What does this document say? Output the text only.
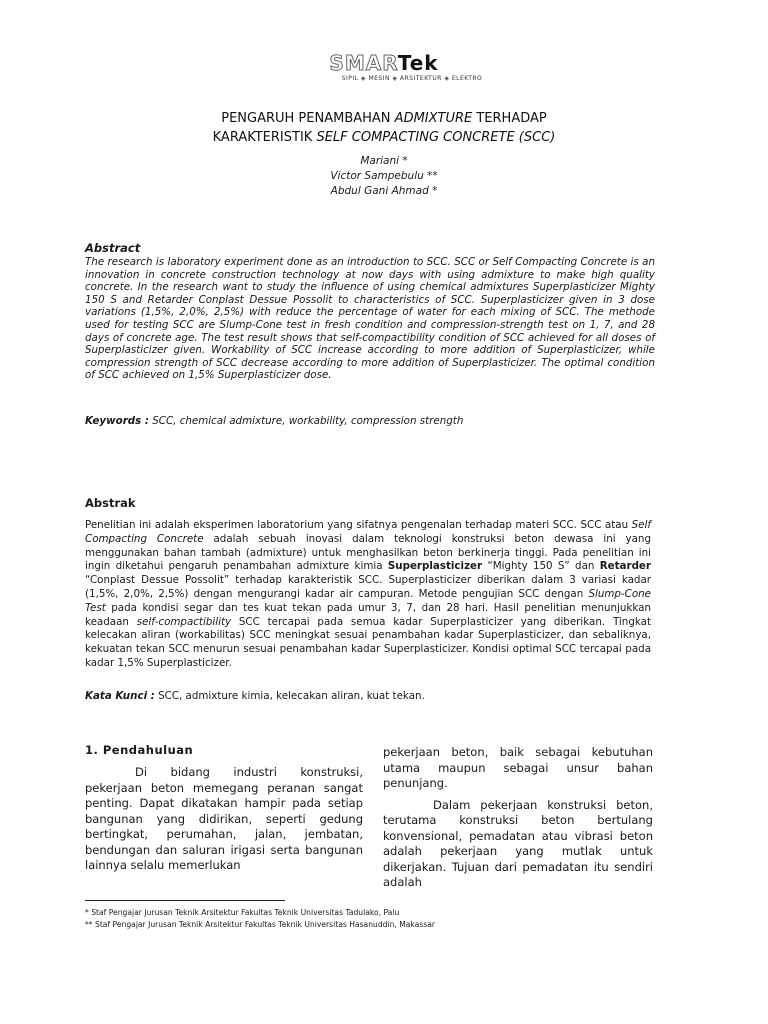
SMARTek
SIPIL ◈ MESIN ◈ ARSITEKTUR ◈ ELEKTRO
PENGARUH PENAMBAHAN ADMIXTURE TERHADAP
KARAKTERISTIK SELF COMPACTING CONCRETE (SCC)
Mariani *
Victor Sampebulu **
Abdul Gani Ahmad *
Abstract
The research is laboratory experiment done as an introduction to SCC. SCC or Self Compacting Concrete is an innovation in concrete construction technology at now days with using admixture to make high quality concrete. In the research want to study the influence of using chemical admixtures Superplasticizer Mighty 150 S and Retarder Conplast Dessue Possolit to characteristics of SCC. Superplasticizer given in 3 dose variations (1,5%, 2,0%, 2,5%) with reduce the percentage of water for each mixing of SCC. The methode used for testing SCC are Slump-Cone test in fresh condition and compression-strength test on 1, 7, and 28 days of concrete age. The test result shows that self-compactibility condition of SCC achieved for all doses of Superplasticizer given. Workability of SCC increase according to more addition of Superplasticizer, while compression strength of SCC decrease according to more addition of Superplasticizer. The optimal condition of SCC achieved on 1,5% Superplasticizer dose.
Keywords : SCC, chemical admixture, workability, compression strength
Abstrak
Penelitian ini adalah eksperimen laboratorium yang sifatnya pengenalan terhadap materi SCC. SCC atau Self Compacting Concrete adalah sebuah inovasi dalam teknologi konstruksi beton dewasa ini yang menggunakan bahan tambah (admixture) untuk menghasilkan beton berkinerja tinggi. Pada penelitian ini ingin diketahui pengaruh penambahan admixture kimia Superplasticizer “Mighty 150 S” dan Retarder “Conplast Dessue Possolit” terhadap karakteristik SCC. Superplasticizer diberikan dalam 3 variasi kadar (1,5%, 2,0%, 2,5%) dengan mengurangi kadar air campuran. Metode pengujian SCC dengan Slump-Cone Test pada kondisi segar dan tes kuat tekan pada umur 3, 7, dan 28 hari. Hasil penelitian menunjukkan keadaan self-compactibility SCC tercapai pada semua kadar Superplasticizer yang diberikan. Tingkat kelecakan aliran (workabilitas) SCC meningkat sesuai penambahan kadar Superplasticizer, dan sebaliknya, kekuatan tekan SCC menurun sesuai penambahan kadar Superplasticizer. Kondisi optimal SCC tercapai pada kadar 1,5% Superplasticizer.
Kata Kunci : SCC, admixture kimia, kelecakan aliran, kuat tekan.
1. Pendahuluan
Di bidang industri konstruksi, pekerjaan beton memegang peranan sangat penting. Dapat dikatakan hampir pada setiap bangunan yang didirikan, seperti gedung bertingkat, perumahan, jalan, jembatan, bendungan dan saluran irigasi serta bangunan lainnya selalu memerlukan
pekerjaan beton, baik sebagai kebutuhan utama maupun sebagai unsur bahan penunjang.
Dalam pekerjaan konstruksi beton, terutama konstruksi beton bertulang konvensional, pemadatan atau vibrasi beton adalah pekerjaan yang mutlak untuk dikerjakan. Tujuan dari pemadatan itu sendiri adalah
* Staf Pengajar Jurusan Teknik Arsitektur Fakultas Teknik Universitas Tadulako, Palu
** Staf Pengajar Jurusan Teknik Arsitektur Fakultas Teknik Universitas Hasanuddin, Makassar
